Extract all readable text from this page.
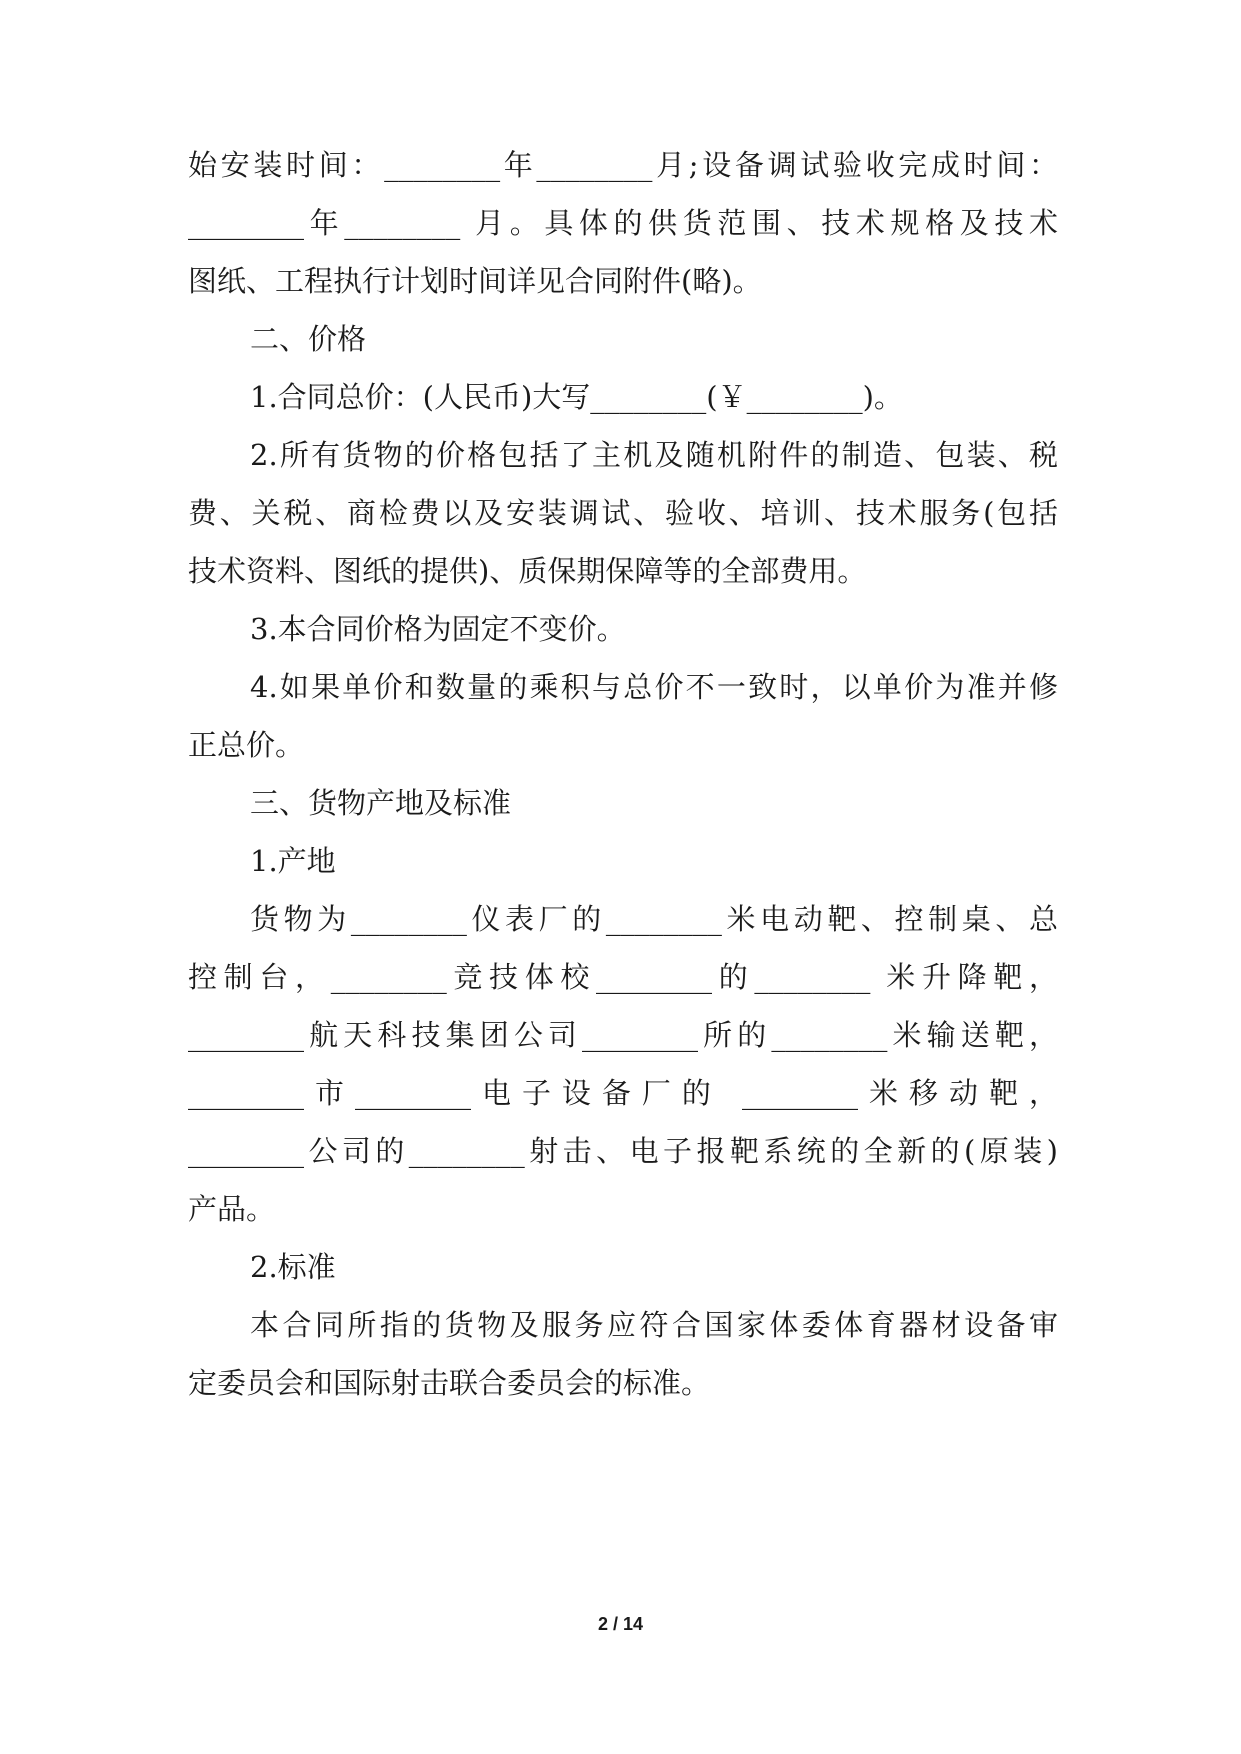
始安装时间：________年________月;设备调试验收完成时间：
________年________ 月。具体的供货范围、技术规格及技术
图纸、工程执行计划时间详见合同附件(略)。
二、价格
1.合同总价：(人民币)大写________(￥________)。
2.所有货物的价格包括了主机及随机附件的制造、包装、税
费、关税、商检费以及安装调试、验收、培训、技术服务(包括
技术资料、图纸的提供)、质保期保障等的全部费用。
3.本合同价格为固定不变价。
4.如果单价和数量的乘积与总价不一致时，以单价为准并修
正总价。
三、货物产地及标准
1.产地
货物为________仪表厂的________米电动靶、控制桌、总
控制台，________竞技体校________的________ 米升降靶，
________航天科技集团公司________所的________米输送靶，
________市________电子设备厂的 ________米移动靶，
________公司的________射击、电子报靶系统的全新的(原装)
产品。
2.标准
本合同所指的货物及服务应符合国家体委体育器材设备审
定委员会和国际射击联合委员会的标准。
2 / 14
